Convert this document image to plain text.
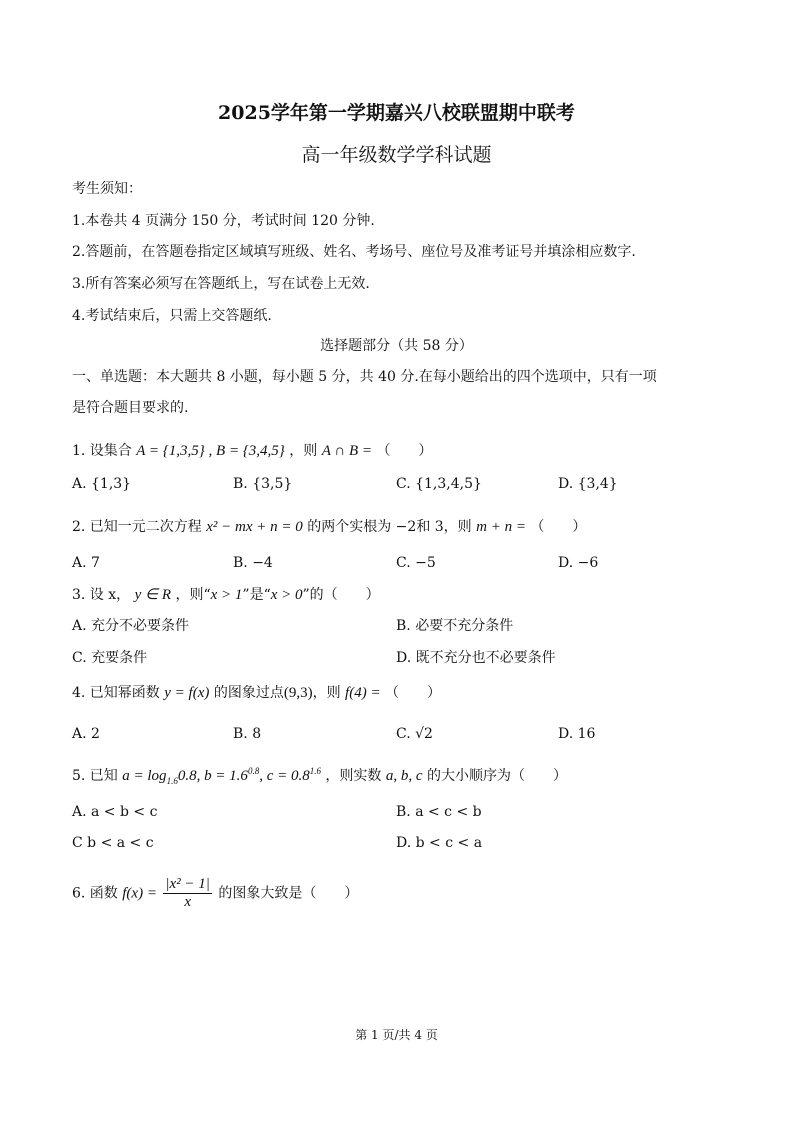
2025学年第一学期嘉兴八校联盟期中联考
高一年级数学学科试题
考生须知：
1.本卷共 4 页满分 150 分，考试时间 120 分钟.
2.答题前，在答题卷指定区域填写班级、姓名、考场号、座位号及准考证号并填涂相应数字.
3.所有答案必须写在答题纸上，写在试卷上无效.
4.考试结束后，只需上交答题纸.
选择题部分（共 58 分）
一、单选题：本大题共 8 小题，每小题 5 分，共 40 分.在每小题给出的四个选项中，只有一项
是符合题目要求的.
1. 设集合 A = {1,3,5} , B = {3,4,5} ，则 A ∩ B = （　　）
A. {1,3}	B. {3,5}	C. {1,3,4,5}	D. {3,4}
2. 已知一元二次方程 x² − mx + n = 0 的两个实根为 −2和 3，则 m + n = （　　）
A. 7	B. −4	C. −5	D. −6
3. 设 x， y ∈ R ，则“x > 1”是“x > 0”的（　　）
A. 充分不必要条件	B. 必要不充分条件
C. 充要条件	D. 既不充分也不必要条件
4. 已知幂函数 y = f(x) 的图象过点(9,3)，则 f(4) = （　　）
A. 2	B. 8	C. √2	D. 16
5. 已知 $a = \log_{1.6}0.8$, $b = 1.6^{0.8}$, $c = 0.8^{1.6}$ ，则实数 a, b, c 的大小顺序为（　　）
A. a < b < c	B. a < c < b
C b < a < c	D. b < c < a
6. 函数 $f(x) = \frac{\text{|x² − 1|}}{x}$ 的图象大致是（　　）
第 1 页/共 4 页
